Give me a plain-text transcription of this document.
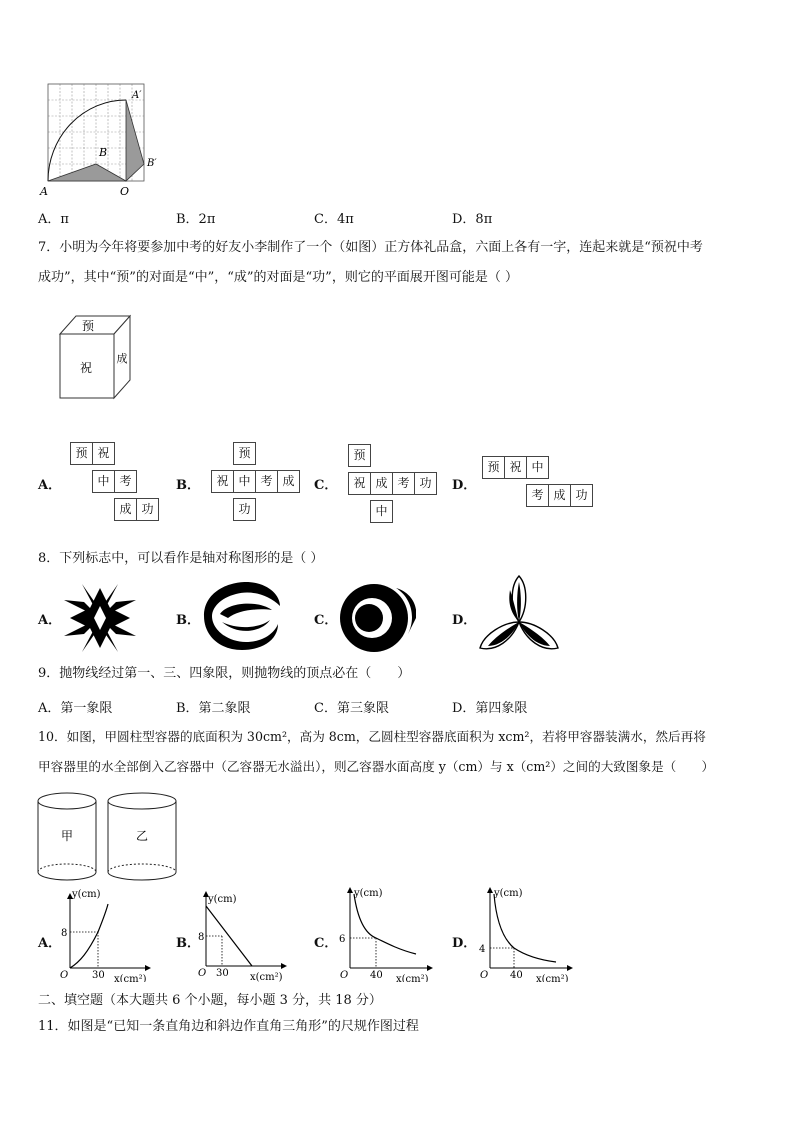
A	O
B
A′
B′
A．π	B．2π	C．4π	D．8π
7．小明为今年将要参加中考的好友小李制作了一个（如图）正方体礼品盒，六面上各有一字，连起来就是“预祝中考
成功”，其中“预”的对面是“中”，“成”的对面是“功”，则它的平面展开图可能是（ ）
预
祝
成
A．	B．	C．	D．
预 祝
中 考
成 功
预
祝 中 考 成
功
预
祝 成 考 功
中
预 祝 中
考 成 功
8．下列标志中，可以看作是轴对称图形的是（ ）
A．	B．	C．	D．
9．抛物线经过第一、三、四象限，则抛物线的顶点必在（　　）
A．第一象限	B．第二象限	C．第三象限	D．第四象限
10．如图，甲圆柱型容器的底面积为 30cm²，高为 8cm，乙圆柱型容器底面积为 xcm²，若将甲容器装满水，然后再将
甲容器里的水全部倒入乙容器中（乙容器无水溢出），则乙容器水面高度 y（cm）与 x（cm²）之间的大致图象是（　　）
甲	乙
A．	B．	C．	D．
y(cm)
8
O 30 x(cm²)
y(cm)
8
O 30 x(cm²)
y(cm)
6
O 40 x(cm²)
y(cm)
4
O 40 x(cm²)
二、填空题（本大题共 6 个小题，每小题 3 分，共 18 分）
11．如图是“已知一条直角边和斜边作直角三角形”的尺规作图过程
